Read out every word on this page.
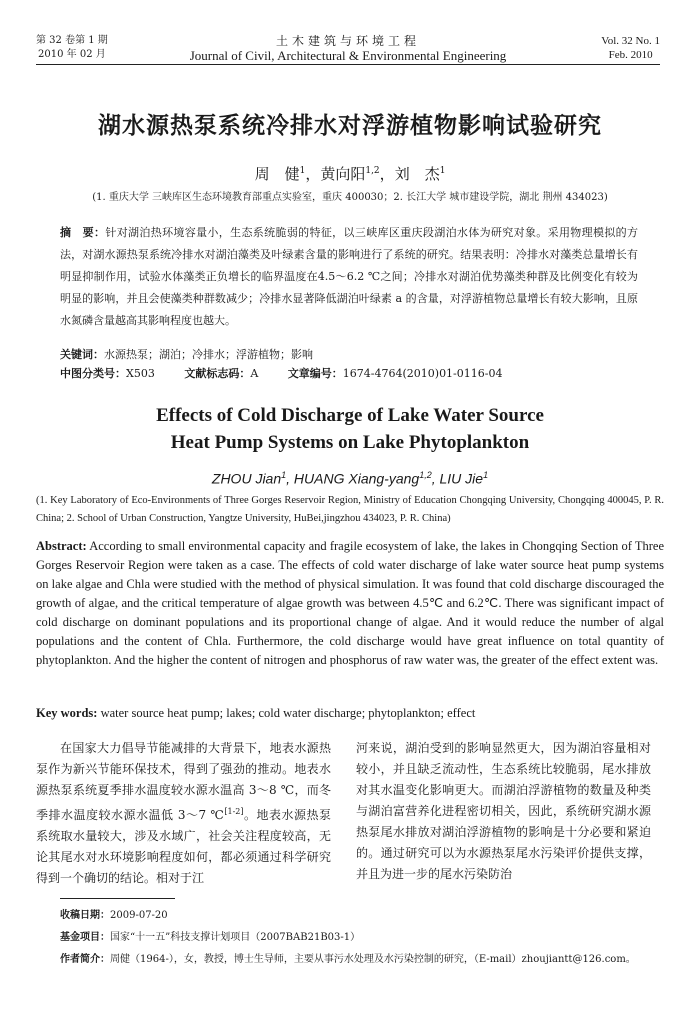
第 32 卷第 1 期
2010 年 02 月
土木建筑与环境工程
Journal of Civil, Architectural & Environmental Engineering
Vol. 32 No. 1
Feb. 2010
湖水源热泵系统冷排水对浮游植物影响试验研究
周　健$^1$，黄向阳$^{1,2}$，刘　杰$^1$
(1. 重庆大学 三峡库区生态环境教育部重点实验室，重庆 400030；2. 长江大学 城市建设学院，湖北 荆州 434023)
摘　要：针对湖泊热环境容量小，生态系统脆弱的特征，以三峡库区重庆段湖泊水体为研究对象。采用物理模拟的方法，对湖水源热泵系统冷排水对湖泊藻类及叶绿素含量的影响进行了系统的研究。结果表明：冷排水对藻类总量增长有明显抑制作用，试验水体藻类正负增长的临界温度在4.5～6.2 ℃之间；冷排水对湖泊优势藻类种群及比例变化有较为明显的影响，并且会使藻类种群数减少；冷排水显著降低湖泊叶绿素 a 的含量，对浮游植物总量增长有较大影响，且原水氮磷含量越高其影响程度也越大。
关键词：水源热泵；湖泊；冷排水；浮游植物；影响
中图分类号：X503	文献标志码：A	文章编号：1674-4764(2010)01-0116-04
Effects of Cold Discharge of Lake Water Source
Heat Pump Systems on Lake Phytoplankton
ZHOU Jian$^1$, HUANG Xiang-yang$^{1,2}$, LIU Jie$^1$
(1. Key Laboratory of Eco-Environments of Three Gorges Reservoir Region, Ministry of Education Chongqing University, Chongqing 400045, P. R. China; 2. School of Urban Construction, Yangtze University, HuBei,jingzhou 434023, P. R. China)
Abstract: According to small environmental capacity and fragile ecosystem of lake, the lakes in Chongqing Section of Three Gorges Reservoir Region were taken as a case. The effects of cold water discharge of lake water source heat pump systems on lake algae and Chla were studied with the method of physical simulation. It was found that cold discharge discouraged the growth of algae, and the critical temperature of algae growth was between 4.5℃ and 6.2℃. There was significant impact of cold discharge on dominant populations and its proportional change of algae. And it would reduce the number of algal populations and the content of Chla. Furthermore, the cold discharge would have great influence on total quantity of phytoplankton. And the higher the content of nitrogen and phosphorus of raw water was, the greater of the effect extent was.
Key words: water source heat pump; lakes; cold water discharge; phytoplankton; effect
在国家大力倡导节能减排的大背景下，地表水源热泵作为新兴节能环保技术，得到了强劲的推动。地表水源热泵系统夏季排水温度较水源水温高 3～8 ℃，而冬季排水温度较水源水温低 3～7 ℃[1-2]。地表水源热泵系统取水量较大，涉及水域广，社会关注程度较高，无论其尾水对水环境影响程度如何，都必须通过科学研究得到一个确切的结论。相对于江
河来说，湖泊受到的影响显然更大，因为湖泊容量相对较小，并且缺乏流动性，生态系统比较脆弱，尾水排放对其水温变化影响更大。而湖泊浮游植物的数量及种类与湖泊富营养化进程密切相关，因此，系统研究湖水源热泵尾水排放对湖泊浮游植物的影响是十分必要和紧迫的。通过研究可以为水源热泵尾水污染评价提供支撑，并且为进一步的尾水污染防治
收稿日期：2009-07-20
基金项目：国家“十一五”科技支撑计划项目（2007BAB21B03-1）
作者简介：周健（1964-），女，教授，博士生导师，主要从事污水处理及水污染控制的研究，（E-mail）zhoujiantt@126.com。
